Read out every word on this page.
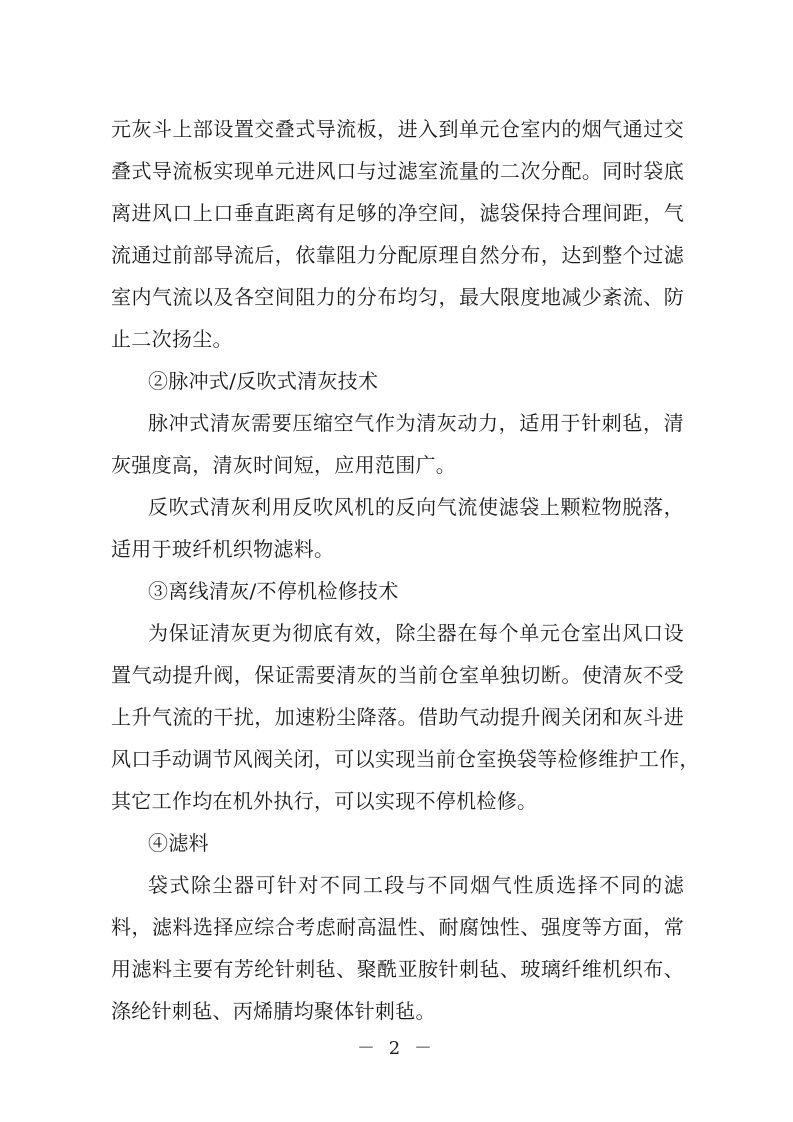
元灰斗上部设置交叠式导流板，进入到单元仓室内的烟气通过交

叠式导流板实现单元进风口与过滤室流量的二次分配。同时袋底

离进风口上口垂直距离有足够的净空间，滤袋保持合理间距，气

流通过前部导流后，依靠阻力分配原理自然分布，达到整个过滤

室内气流以及各空间阻力的分布均匀，最大限度地减少紊流、防

止二次扬尘。

②脉冲式/反吹式清灰技术

脉冲式清灰需要压缩空气作为清灰动力，适用于针刺毡，清

灰强度高，清灰时间短，应用范围广。

反吹式清灰利用反吹风机的反向气流使滤袋上颗粒物脱落，

适用于玻纤机织物滤料。

③离线清灰/不停机检修技术

为保证清灰更为彻底有效，除尘器在每个单元仓室出风口设

置气动提升阀，保证需要清灰的当前仓室单独切断。使清灰不受

上升气流的干扰，加速粉尘降落。借助气动提升阀关闭和灰斗进

风口手动调节风阀关闭，可以实现当前仓室换袋等检修维护工作，

其它工作均在机外执行，可以实现不停机检修。

④滤料

袋式除尘器可针对不同工段与不同烟气性质选择不同的滤

料，滤料选择应综合考虑耐高温性、耐腐蚀性、强度等方面，常

用滤料主要有芳纶针刺毡、聚酰亚胺针刺毡、玻璃纤维机织布、

涤纶针刺毡、丙烯腈均聚体针刺毡。

－ 2 －
